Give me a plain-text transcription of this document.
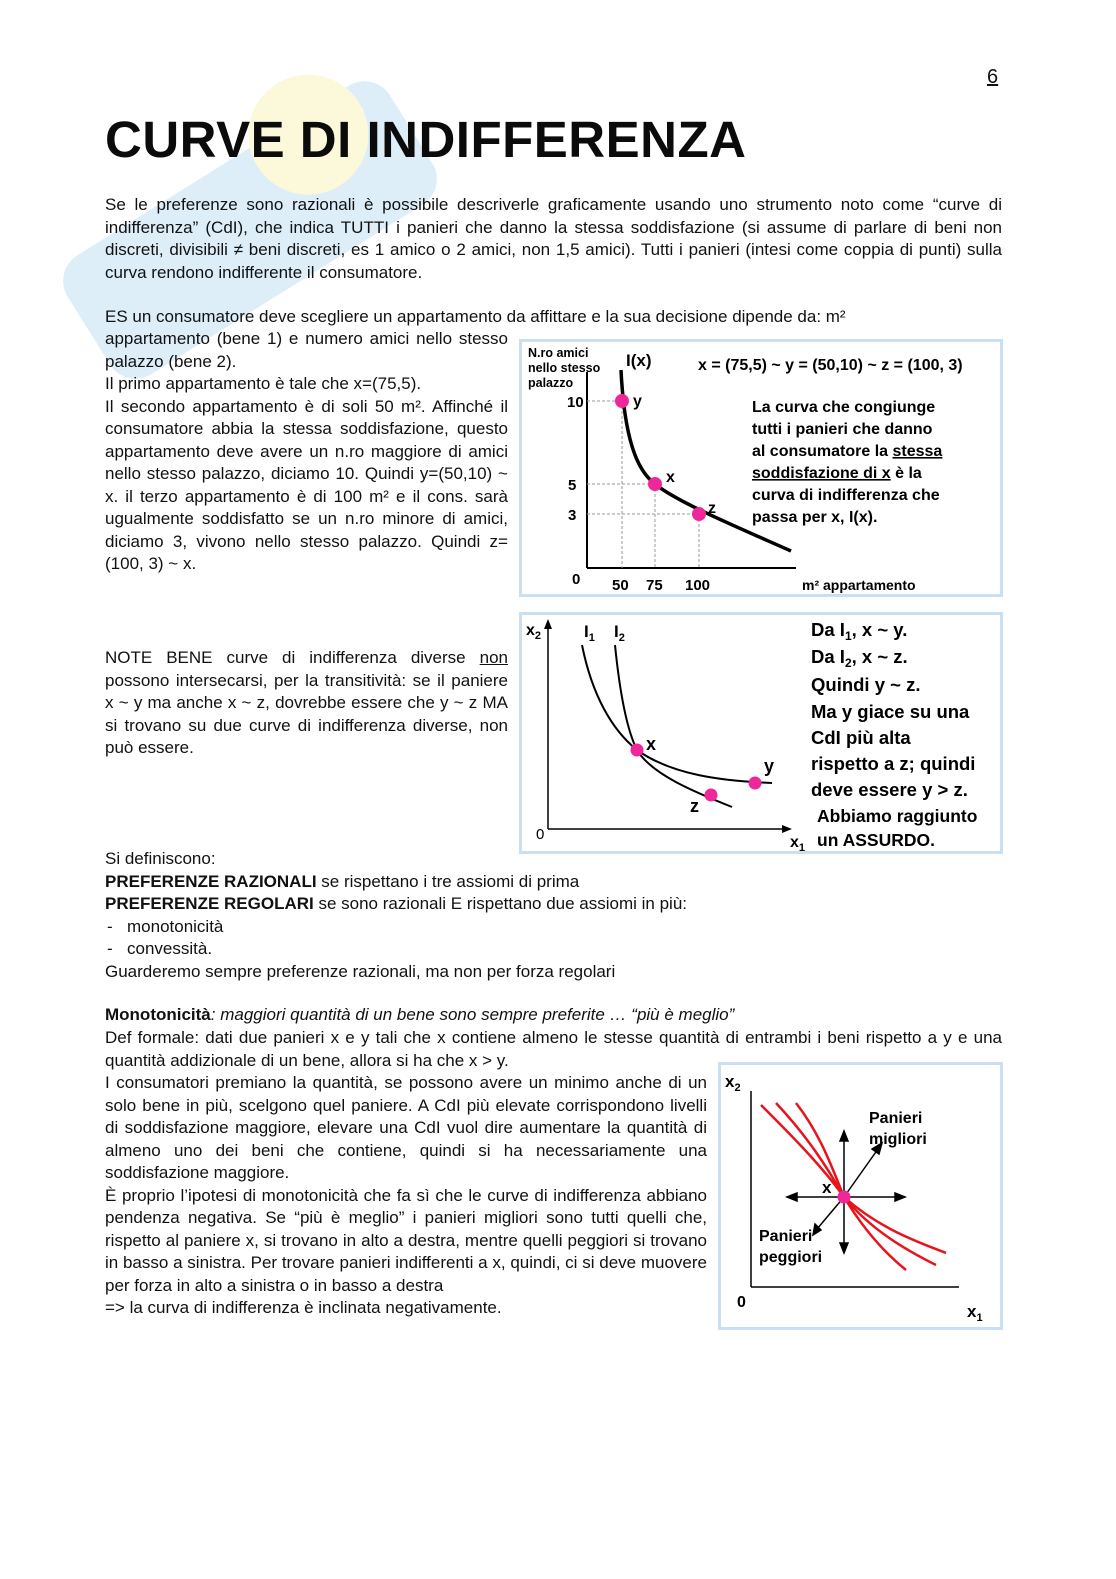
6
CURVE DI INDIFFERENZA
Se le preferenze sono razionali è possibile descriverle graficamente usando uno strumento noto come “curve di indifferenza” (CdI), che indica TUTTI i panieri che danno la stessa soddisfazione (si assume di parlare di beni non discreti, divisibili ≠ beni discreti, es 1 amico o 2 amici, non 1,5 amici). Tutti i panieri (intesi come coppia di punti) sulla curva rendono indifferente il consumatore.
ES un consumatore deve scegliere un appartamento da affittare e la sua decisione dipende da: m²
appartamento (bene 1) e numero amici nello stesso palazzo (bene 2).
Il primo appartamento è tale che x=(75,5).
Il secondo appartamento è di soli 50 m². Affinché il consumatore abbia la stessa soddisfazione, questo appartamento deve avere un n.ro maggiore di amici nello stesso palazzo, diciamo 10. Quindi y=(50,10) ~ x. il terzo appartamento è di 100 m² e il cons. sarà ugualmente soddisfatto se un n.ro minore di amici, diciamo 3, vivono nello stesso palazzo. Quindi z=(100, 3) ~ x.
NOTE BENE curve di indifferenza diverse non possono intersecarsi, per la transitività: se il paniere x ~ y ma anche x ~ z, dovrebbe essere che y ~ z MA si trovano su due curve di indifferenza diverse, non può essere.
N.ro amici
nello stesso
palazzo
I(x)	x = (75,5) ~ y = (50,10) ~ z = (100, 3)
10
5
3
0 50 75 100	m² appartamento
y
x
z
La curva che congiunge
tutti i panieri che danno
al consumatore la stessa
soddisfazione di x è la
curva di indifferenza che
passa per x, I(x).
$x_2$
0	$x_1$
$I_1$ $I_2$
x
y
z
Da $I_1$, x ~ y.
Da $I_2$, x ~ z.
Quindi y ~ z.
Ma y giace su una
CdI più alta
rispetto a z; quindi
deve essere y > z.
Abbiamo raggiunto
un ASSURDO.
Si definiscono:
PREFERENZE RAZIONALI se rispettano i tre assiomi di prima
PREFERENZE REGOLARI se sono razionali E rispettano due assiomi in più:
- monotonicità
- convessità.
Guarderemo sempre preferenze razionali, ma non per forza regolari
Monotonicità: maggiori quantità di un bene sono sempre preferite … “più è meglio”
Def formale: dati due panieri x e y tali che x contiene almeno le stesse quantità di entrambi i beni rispetto a y e una quantità addizionale di un bene, allora si ha che x > y.
I consumatori premiano la quantità, se possono avere un minimo anche di un solo bene in più, scelgono quel paniere. A CdI più elevate corrispondono livelli di soddisfazione maggiore, elevare una CdI vuol dire aumentare la quantità di almeno uno dei beni che contiene, quindi si ha necessariamente una soddisfazione maggiore.
È proprio l’ipotesi di monotonicità che fa sì che le curve di indifferenza abbiano pendenza negativa. Se “più è meglio” i panieri migliori sono tutti quelli che, rispetto al paniere x, si trovano in alto a destra, mentre quelli peggiori si trovano in basso a sinistra. Per trovare panieri indifferenti a x, quindi, ci si deve muovere per forza in alto a sinistra o in basso a destra
=> la curva di indifferenza è inclinata negativamente.
$x_2$
0	$x_1$
x
Panieri
migliori
Panieri
peggiori
